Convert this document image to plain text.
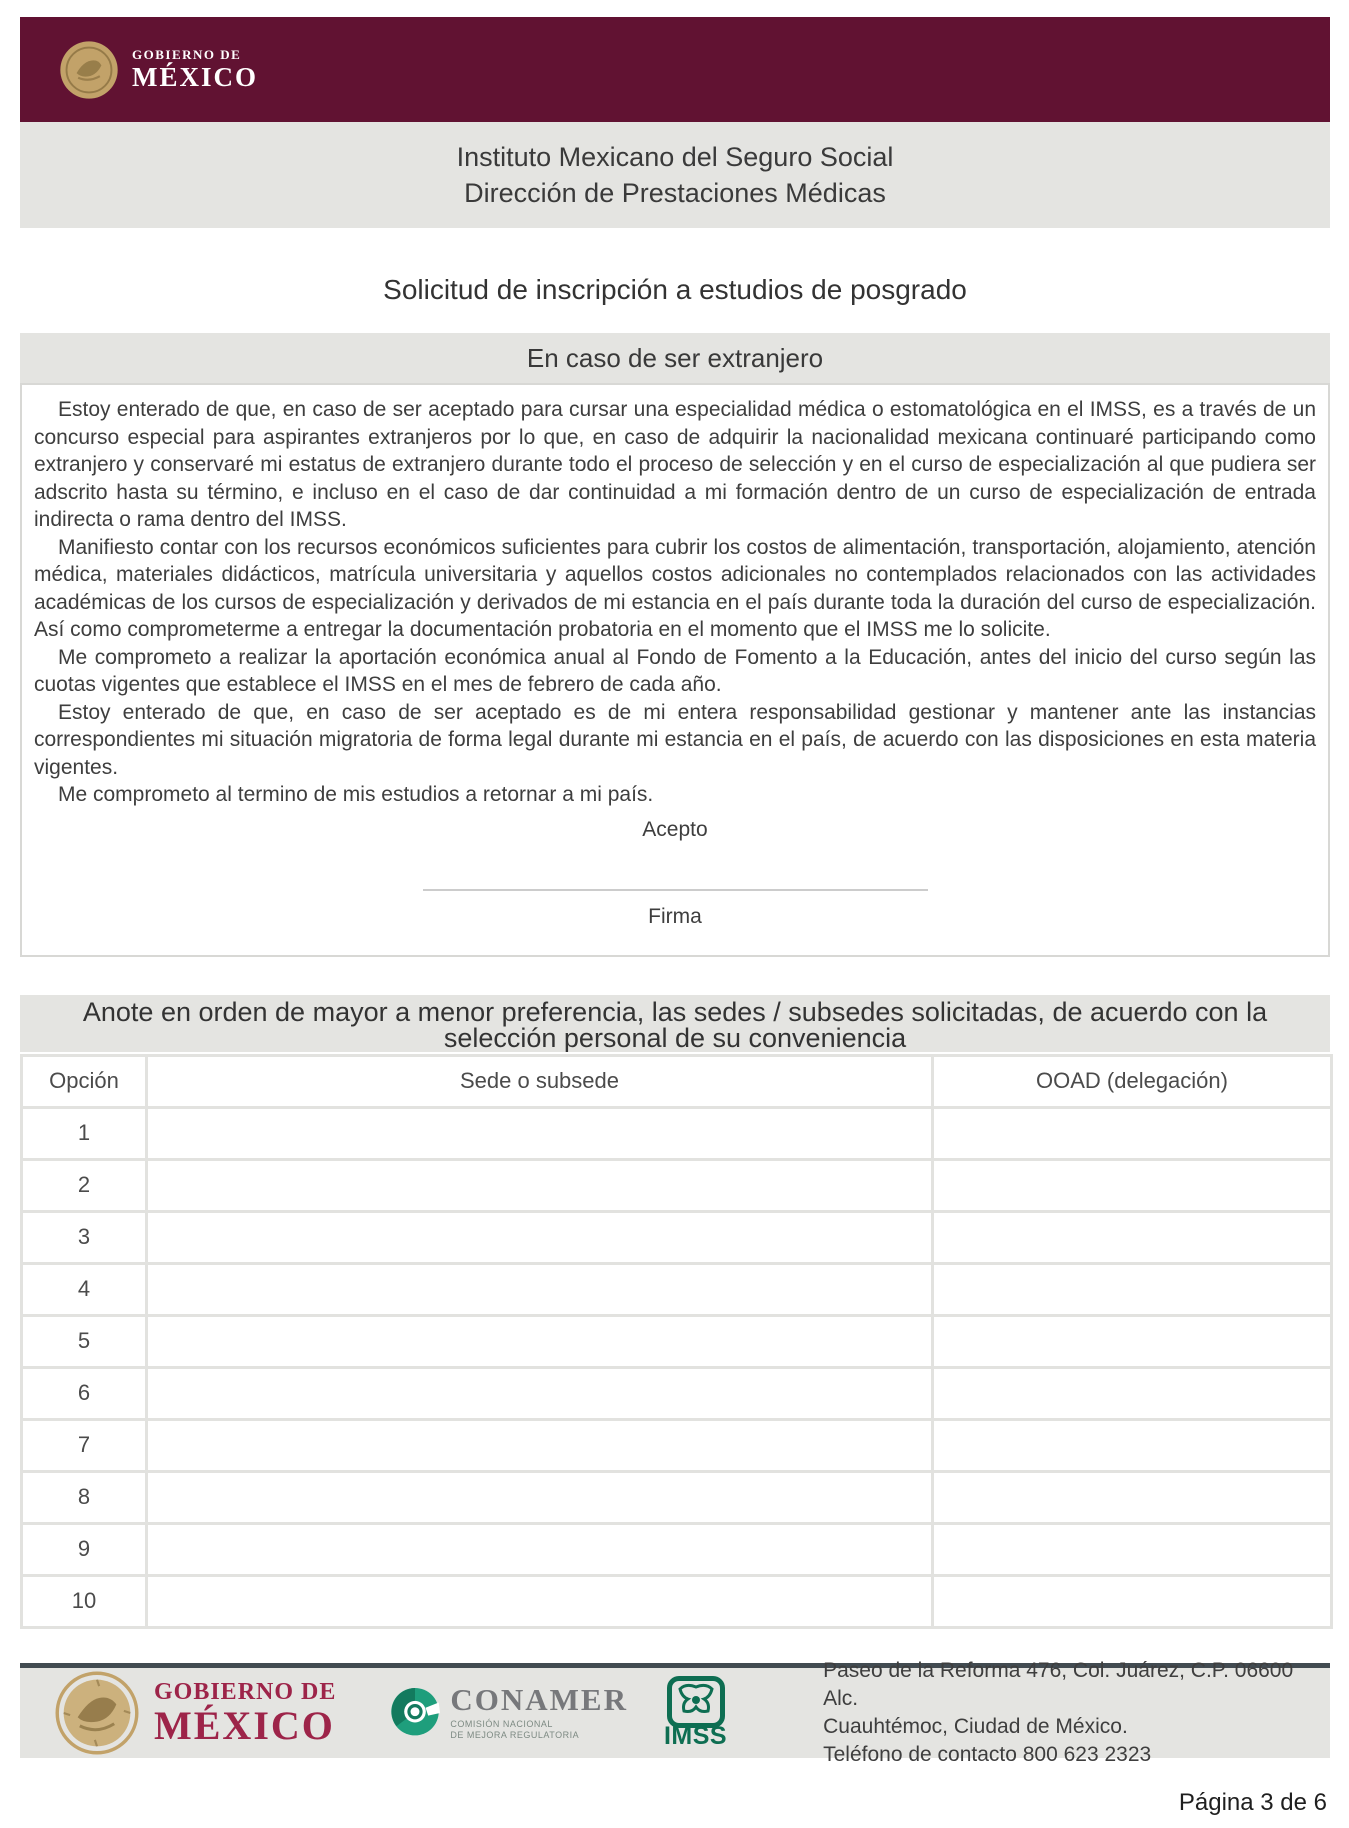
GOBIERNO DE
MÉXICO
Instituto Mexicano del Seguro Social
Dirección de Prestaciones Médicas
Solicitud de inscripción a estudios de posgrado
En caso de ser extranjero

Estoy enterado de que, en caso de ser aceptado para cursar una especialidad médica o estomatológica en el IMSS, es a través de un concurso especial para aspirantes extranjeros por lo que, en caso de adquirir la nacionalidad mexicana continuaré participando como extranjero y conservaré mi estatus de extranjero durante todo el proceso de selección y en el curso de especialización al que pudiera ser adscrito hasta su término, e incluso en el caso de dar continuidad a mi formación dentro de un curso de especialización de entrada indirecta o rama dentro del IMSS.

Manifiesto contar con los recursos económicos suficientes para cubrir los costos de alimentación, transportación, alojamiento, atención médica, materiales didácticos, matrícula universitaria y aquellos costos adicionales no contemplados relacionados con las actividades académicas de los cursos de especialización y derivados de mi estancia en el país durante toda la duración del curso de especialización. Así como comprometerme a entregar la documentación probatoria en el momento que el IMSS me lo solicite.

Me comprometo a realizar la aportación económica anual al Fondo de Fomento a la Educación, antes del inicio del curso según las cuotas vigentes que establece el IMSS en el mes de febrero de cada año.

Estoy enterado de que, en caso de ser aceptado es de mi entera responsabilidad gestionar y mantener ante las instancias correspondientes mi situación migratoria de forma legal durante mi estancia en el país, de acuerdo con las disposiciones en esta materia vigentes.

Me comprometo al termino de mis estudios a retornar a mi país.

Acepto
Firma
Anote en orden de mayor a menor preferencia, las sedes / subsedes solicitadas, de acuerdo con la selección personal de su conveniencia
Opción	Sede o subsede	OOAD (delegación)
1		
2		
3		
4		
5		
6		
7		
8		
9		
10		
GOBIERNO DE
MÉXICO
CONAMER
COMISIÓN NACIONAL
DE MEJORA REGULATORIA	IMSS
Paseo de la Reforma 476, Col. Juárez, C.P. 06600 Alc.
Cuauhtémoc, Ciudad de México.
Teléfono de contacto 800 623 2323
Página 3 de 6
